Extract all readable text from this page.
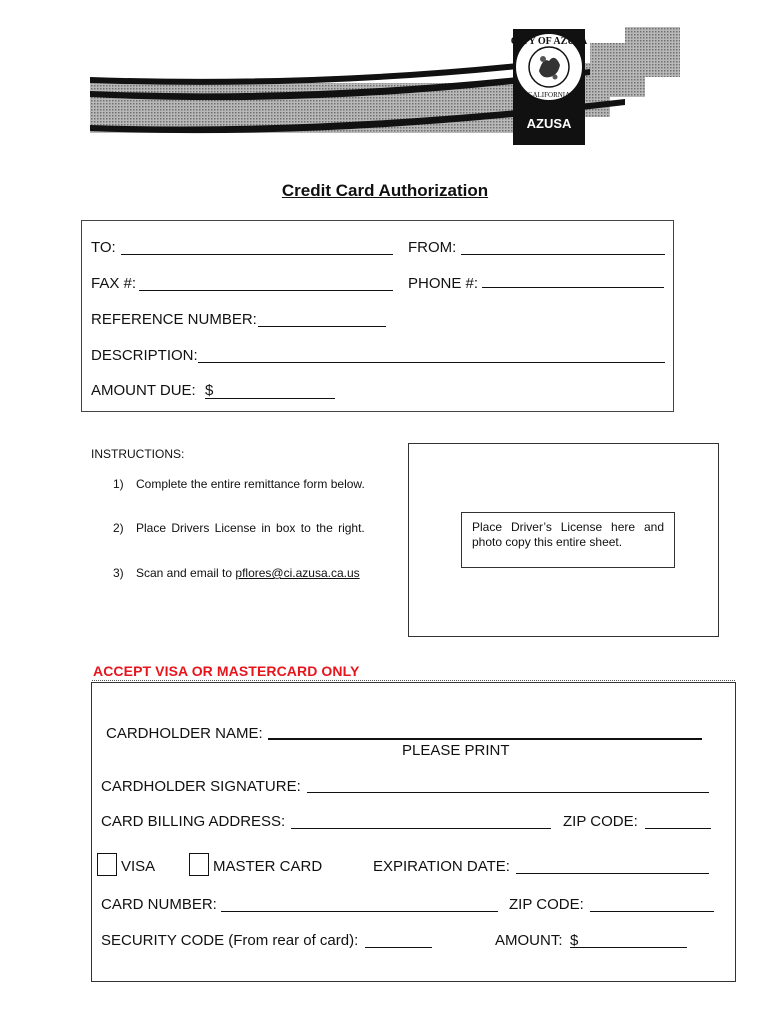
CITY OF AZUSA
CALIFORNIA
AZUSA
Credit Card Authorization
TO:	FROM:
FAX #:	PHONE #:
REFERENCE NUMBER:
DESCRIPTION:
AMOUNT DUE: $
INSTRUCTIONS:
1) Complete the entire remittance form below.
2) Place Drivers License in box to the right.
3) Scan and email to pflores@ci.azusa.ca.us
Place Driver’s License here and photo copy this entire sheet.
ACCEPT VISA OR MASTERCARD ONLY
CARDHOLDER NAME:
PLEASE PRINT
CARDHOLDER SIGNATURE:
CARD BILLING ADDRESS:	ZIP CODE:
VISA	MASTER CARD	EXPIRATION DATE:
CARD NUMBER:	ZIP CODE:
SECURITY CODE (From rear of card):	AMOUNT: $
